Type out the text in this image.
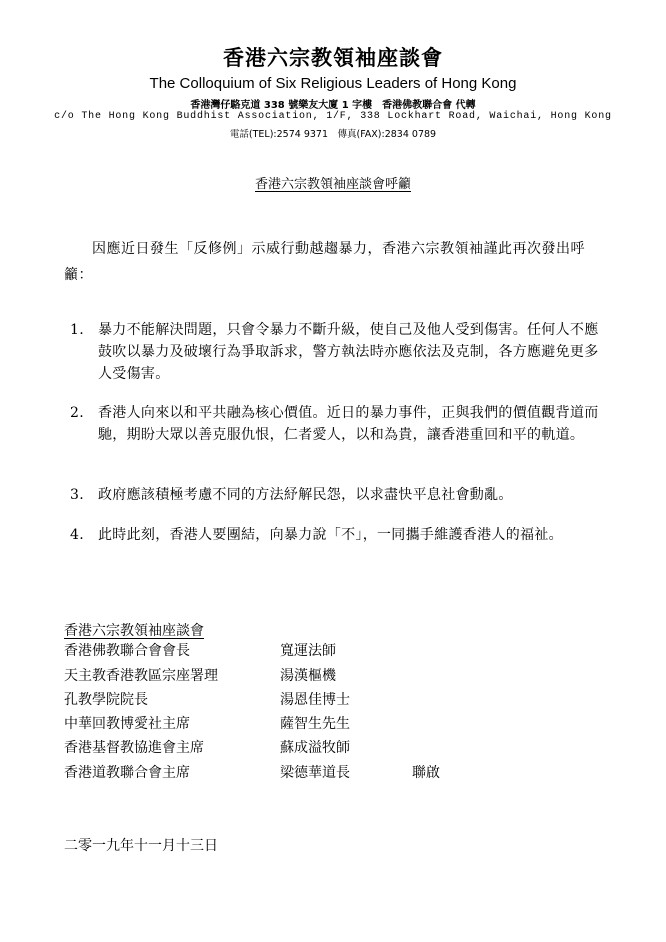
香港六宗教領袖座談會
The Colloquium of Six Religious Leaders of Hong Kong
香港灣仔駱克道 338 號樂友大廈 1 字樓　香港佛教聯合會 代轉
c/o The Hong Kong Buddhist Association, 1/F, 338 Lockhart Road, Waichai, Hong Kong
電話(TEL):2574 9371　傳真(FAX):2834 0789
香港六宗教領袖座談會呼籲
因應近日發生「反修例」示威行動越趨暴力，香港六宗教領袖謹此再次發出呼籲：
1. 暴力不能解決問題，只會令暴力不斷升級，使自己及他人受到傷害。任何人不應鼓吹以暴力及破壞行為爭取訴求，警方執法時亦應依法及克制，各方應避免更多人受傷害。
2. 香港人向來以和平共融為核心價值。近日的暴力事件，正與我們的價值觀背道而馳，期盼大眾以善克服仇恨，仁者愛人，以和為貴，讓香港重回和平的軌道。
3. 政府應該積極考慮不同的方法紓解民怨，以求盡快平息社會動亂。
4. 此時此刻，香港人要團結，向暴力說「不」，一同攜手維護香港人的福祉。
香港六宗教領袖座談會
香港佛教聯合會會長	寬運法師
天主教香港教區宗座署理	湯漢樞機
孔教學院院長	湯恩佳博士
中華回教博愛社主席	薩智生先生
香港基督教協進會主席	蘇成溢牧師
香港道教聯合會主席	梁德華道長	聯啟
二零一九年十一月十三日
